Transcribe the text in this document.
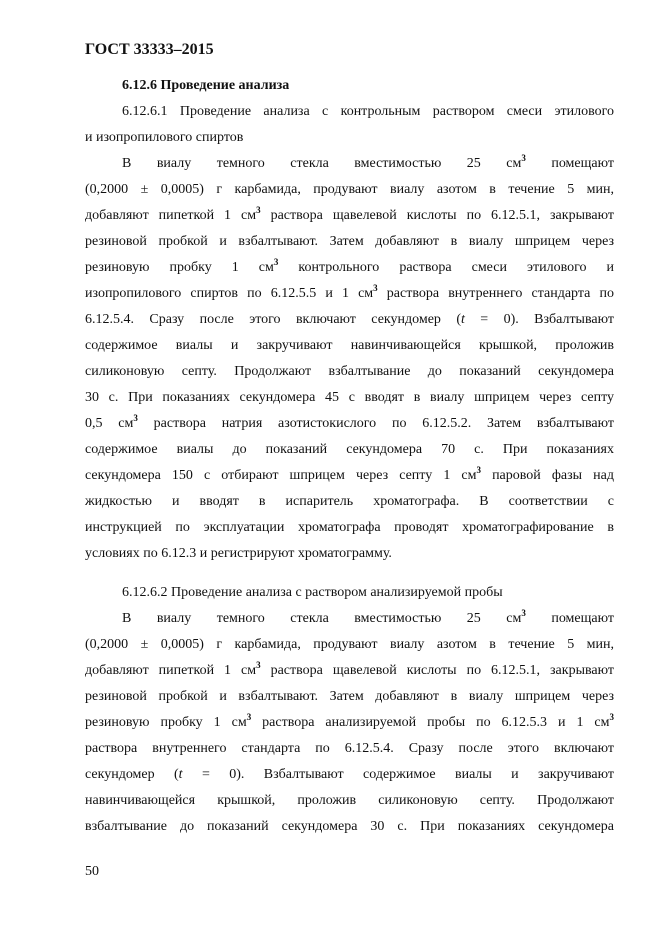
ГОСТ 33333–2015
6.12.6 Проведение анализа
6.12.6.1 Проведение анализа с контрольным раствором смеси этилового
и изопропилового спиртов
В виалу темного стекла вместимостью 25 $см^3$ помещают
(0,2000 ± 0,0005) г карбамида, продувают виалу азотом в течение 5 мин,
добавляют пипеткой 1 $см^3$ раствора щавелевой кислоты по 6.12.5.1, закрывают
резиновой пробкой и взбалтывают. Затем добавляют в виалу шприцем через
резиновую пробку 1 $см^3$ контрольного раствора смеси этилового и
изопропилового спиртов по 6.12.5.5 и 1 $см^3$ раствора внутреннего стандарта по
6.12.5.4. Сразу после этого включают секундомер (t = 0). Взбалтывают
содержимое виалы и закручивают навинчивающейся крышкой, проложив
силиконовую септу. Продолжают взбалтывание до показаний секундомера
30 с. При показаниях секундомера 45 с вводят в виалу шприцем через септу
0,5 $см^3$ раствора натрия азотистокислого по 6.12.5.2. Затем взбалтывают
содержимое виалы до показаний секундомера 70 с. При показаниях
секундомера 150 с отбирают шприцем через септу 1 $см^3$ паровой фазы над
жидкостью и вводят в испаритель хроматографа. В соответствии с
инструкцией по эксплуатации хроматографа проводят хроматографирование в
условиях по 6.12.3 и регистрируют хроматограмму.
6.12.6.2 Проведение анализа с раствором анализируемой пробы
В виалу темного стекла вместимостью 25 $см^3$ помещают
(0,2000 ± 0,0005) г карбамида, продувают виалу азотом в течение 5 мин,
добавляют пипеткой 1 $см^3$ раствора щавелевой кислоты по 6.12.5.1, закрывают
резиновой пробкой и взбалтывают. Затем добавляют в виалу шприцем через
резиновую пробку 1 $см^3$ раствора анализируемой пробы по 6.12.5.3 и 1 $см^3$
раствора внутреннего стандарта по 6.12.5.4. Сразу после этого включают
секундомер (t = 0). Взбалтывают содержимое виалы и закручивают
навинчивающейся крышкой, проложив силиконовую септу. Продолжают
взбалтывание до показаний секундомера 30 с. При показаниях секундомера
50
